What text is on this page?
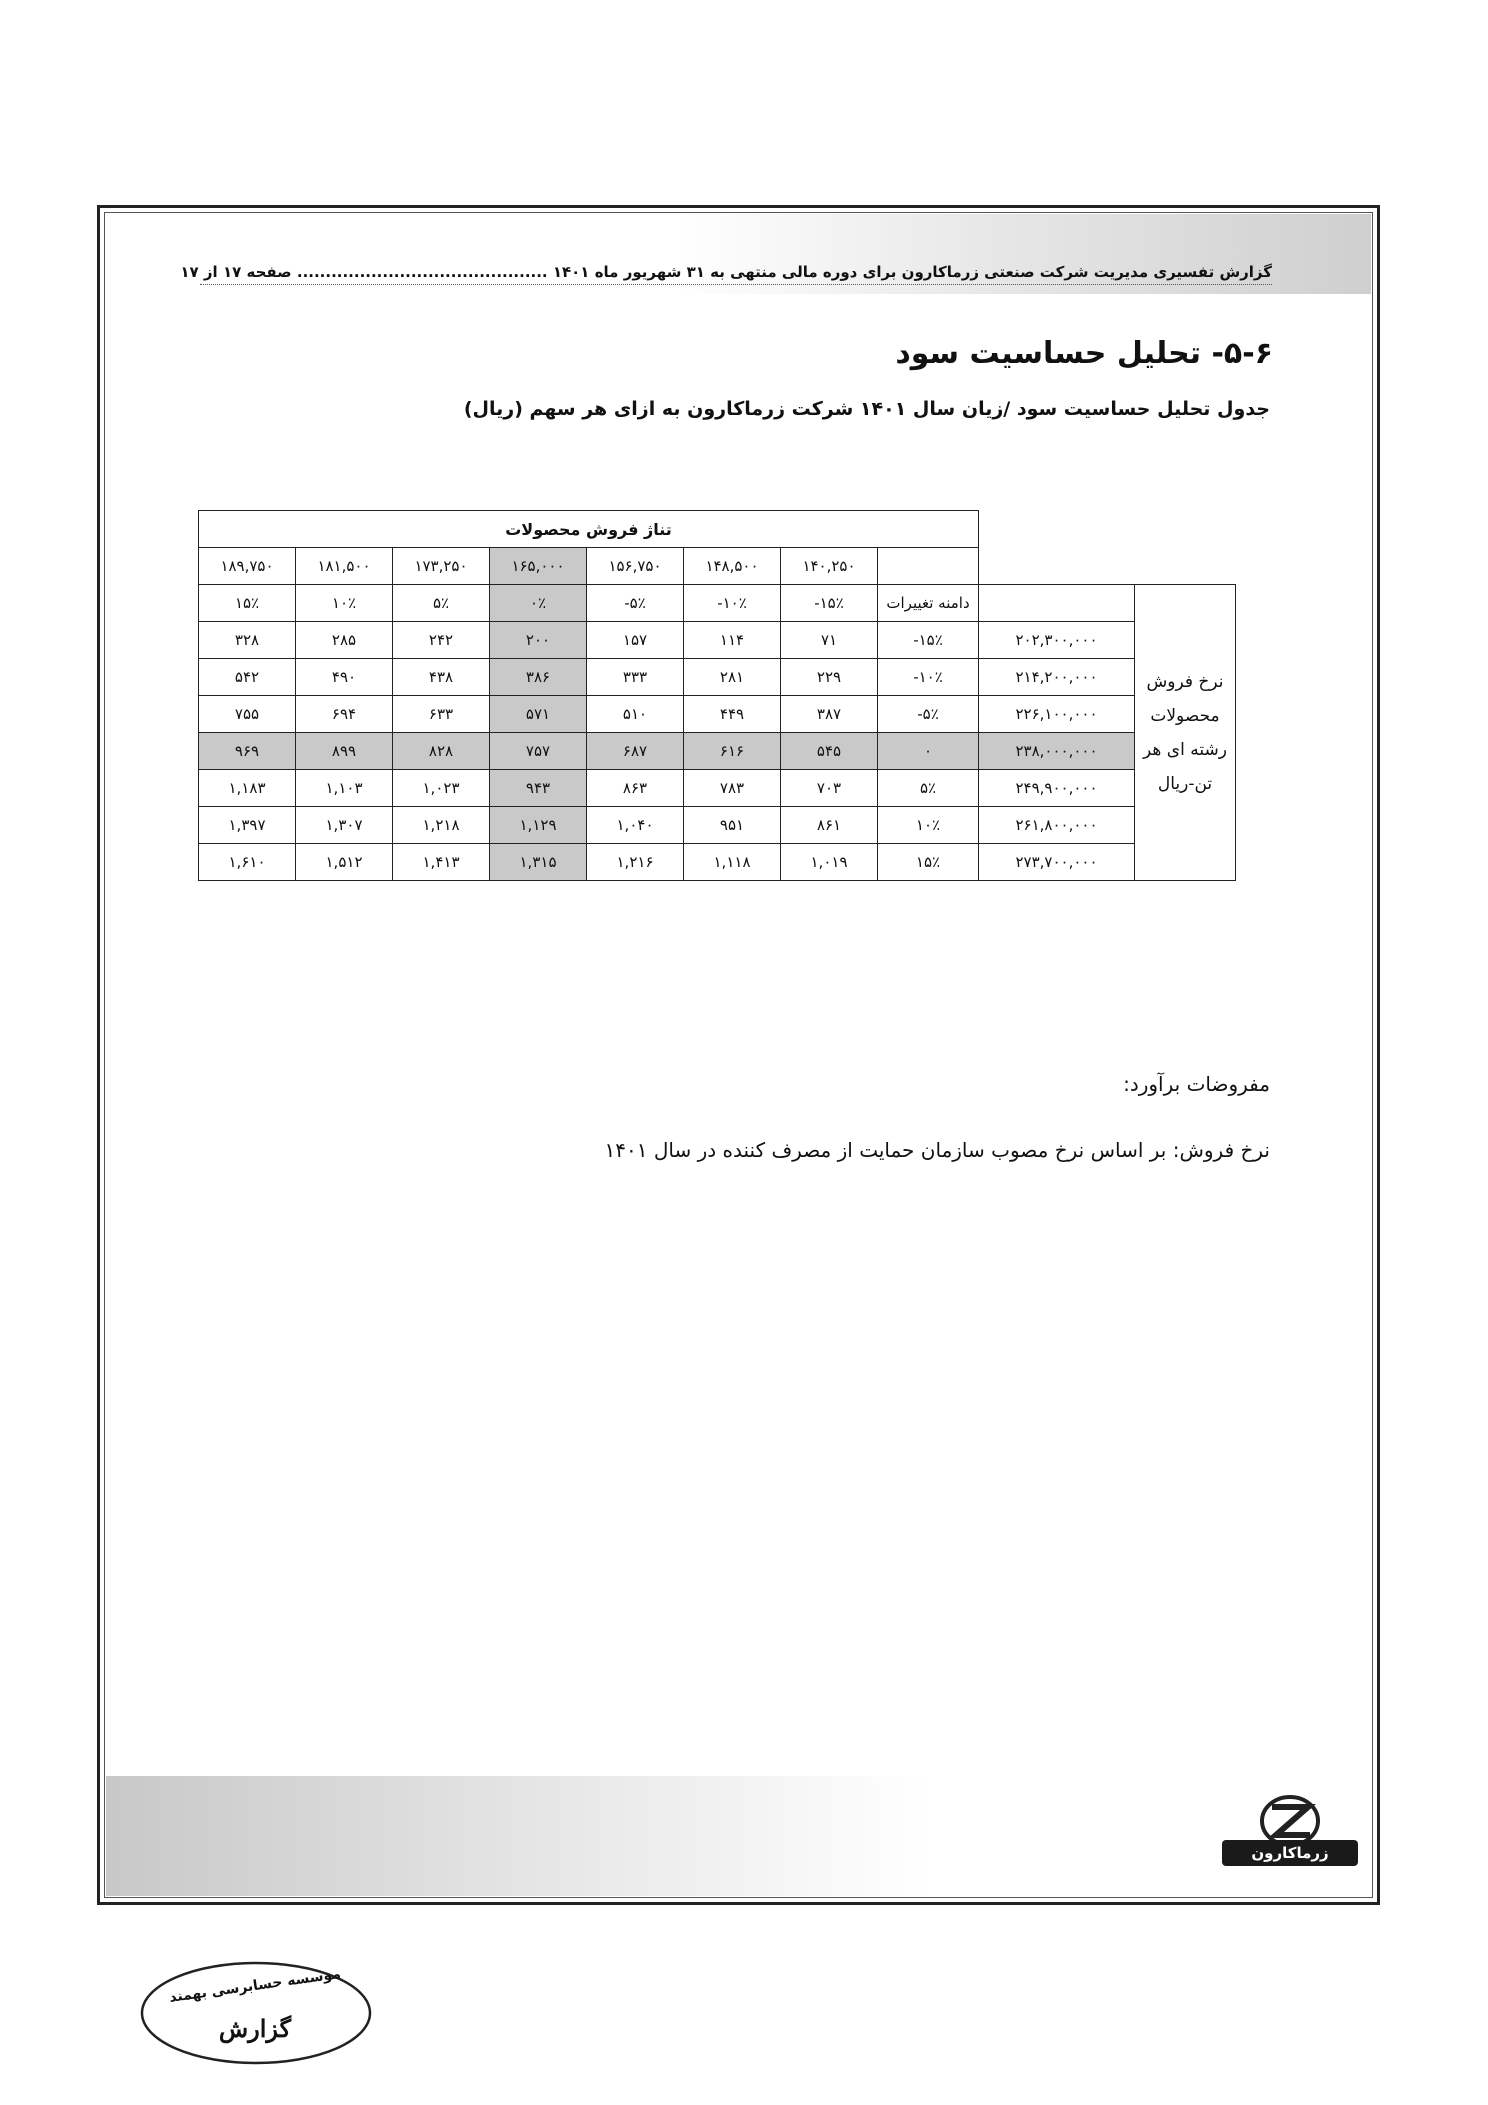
گزارش تفسیری مدیریت شرکت صنعتی زرماکارون برای دوره مالی منتهی به ۳۱ شهریور ماه ۱۴۰۱ ............................................ صفحه ۱۷ از ۱۷
۵-۶- تحلیل حساسیت سود
جدول تحلیل حساسیت سود /زیان سال ۱۴۰۱ شرکت زرماکارون به ازای هر سهم (ریال)
تناژ فروش محصولات									
۱۸۹,۷۵۰	۱۸۱,۵۰۰	۱۷۳,۲۵۰	۱۶۵,۰۰۰	۱۵۶,۷۵۰	۱۴۸,۵۰۰	۱۴۰,۲۵۰			
۱۵٪	۱۰٪	۵٪	۰٪	-۵٪	-۱۰٪	-۱۵٪	دامنه تغییرات		نرخ فروش محصولات رشته ای هر تن-ریال
۳۲۸	۲۸۵	۲۴۲	۲۰۰	۱۵۷	۱۱۴	۷۱	-۱۵٪	۲۰۲,۳۰۰,۰۰۰	
۵۴۲	۴۹۰	۴۳۸	۳۸۶	۳۳۳	۲۸۱	۲۲۹	-۱۰٪	۲۱۴,۲۰۰,۰۰۰	
۷۵۵	۶۹۴	۶۳۳	۵۷۱	۵۱۰	۴۴۹	۳۸۷	-۵٪	۲۲۶,۱۰۰,۰۰۰	
۹۶۹	۸۹۹	۸۲۸	۷۵۷	۶۸۷	۶۱۶	۵۴۵	۰	۲۳۸,۰۰۰,۰۰۰	
۱,۱۸۳	۱,۱۰۳	۱,۰۲۳	۹۴۳	۸۶۳	۷۸۳	۷۰۳	۵٪	۲۴۹,۹۰۰,۰۰۰	
۱,۳۹۷	۱,۳۰۷	۱,۲۱۸	۱,۱۲۹	۱,۰۴۰	۹۵۱	۸۶۱	۱۰٪	۲۶۱,۸۰۰,۰۰۰	
۱,۶۱۰	۱,۵۱۲	۱,۴۱۳	۱,۳۱۵	۱,۲۱۶	۱,۱۱۸	۱,۰۱۹	۱۵٪	۲۷۳,۷۰۰,۰۰۰	
مفروضات برآورد:
نرخ فروش: بر اساس نرخ مصوب سازمان حمایت از مصرف کننده در سال ۱۴۰۱
زرماکارون
موسسه حسابرسی بهمند
گزارش
